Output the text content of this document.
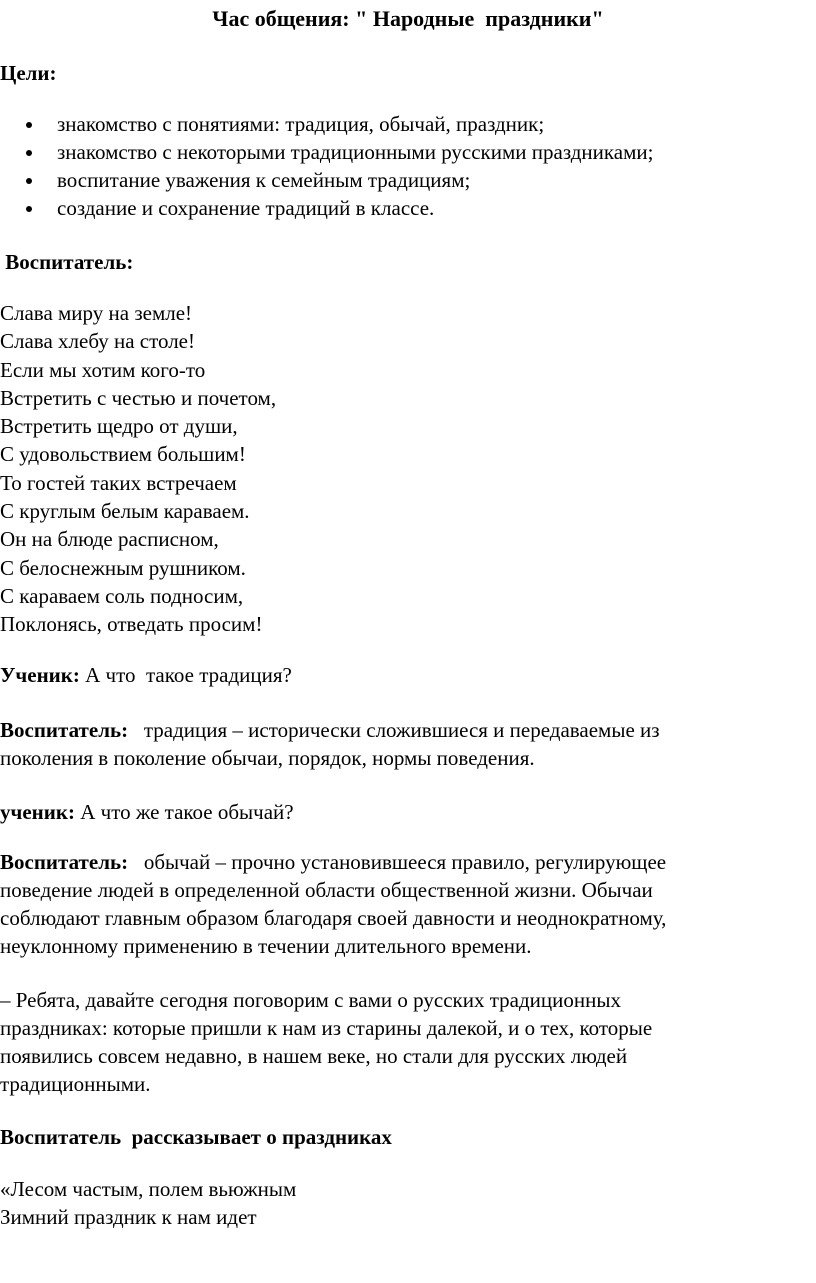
Час общения: " Народные  праздники"
Цели:
знакомство с понятиями: традиция, обычай, праздник;
знакомство с некоторыми традиционными русскими праздниками;
воспитание уважения к семейным традициям;
создание и сохранение традиций в классе.
Воспитатель:
Слава миру на земле!
Слава хлебу на столе!
Если мы хотим кого-то
Встретить с честью и почетом,
Встретить щедро от души,
С удовольствием большим!
То гостей таких встречаем
С круглым белым караваем.
Он на блюде расписном,
С белоснежным рушником.
С караваем соль подносим,
Поклонясь, отведать просим!
Ученик: А что  такое традиция?
Воспитатель:   традиция – исторически сложившиеся и передаваемые из
поколения в поколение обычаи, порядок, нормы поведения.
ученик: А что же такое обычай?
Воспитатель:   обычай – прочно установившееся правило, регулирующее
поведение людей в определенной области общественной жизни. Обычаи
соблюдают главным образом благодаря своей давности и неоднократному,
неуклонному применению в течении длительного времени.
– Ребята, давайте сегодня поговорим с вами о русских традиционных
праздниках: которые пришли к нам из старины далекой, и о тех, которые
появились совсем недавно, в нашем веке, но стали для русских людей
традиционными.
Воспитатель  рассказывает о праздниках
«Лесом частым, полем вьюжным
Зимний праздник к нам идет
